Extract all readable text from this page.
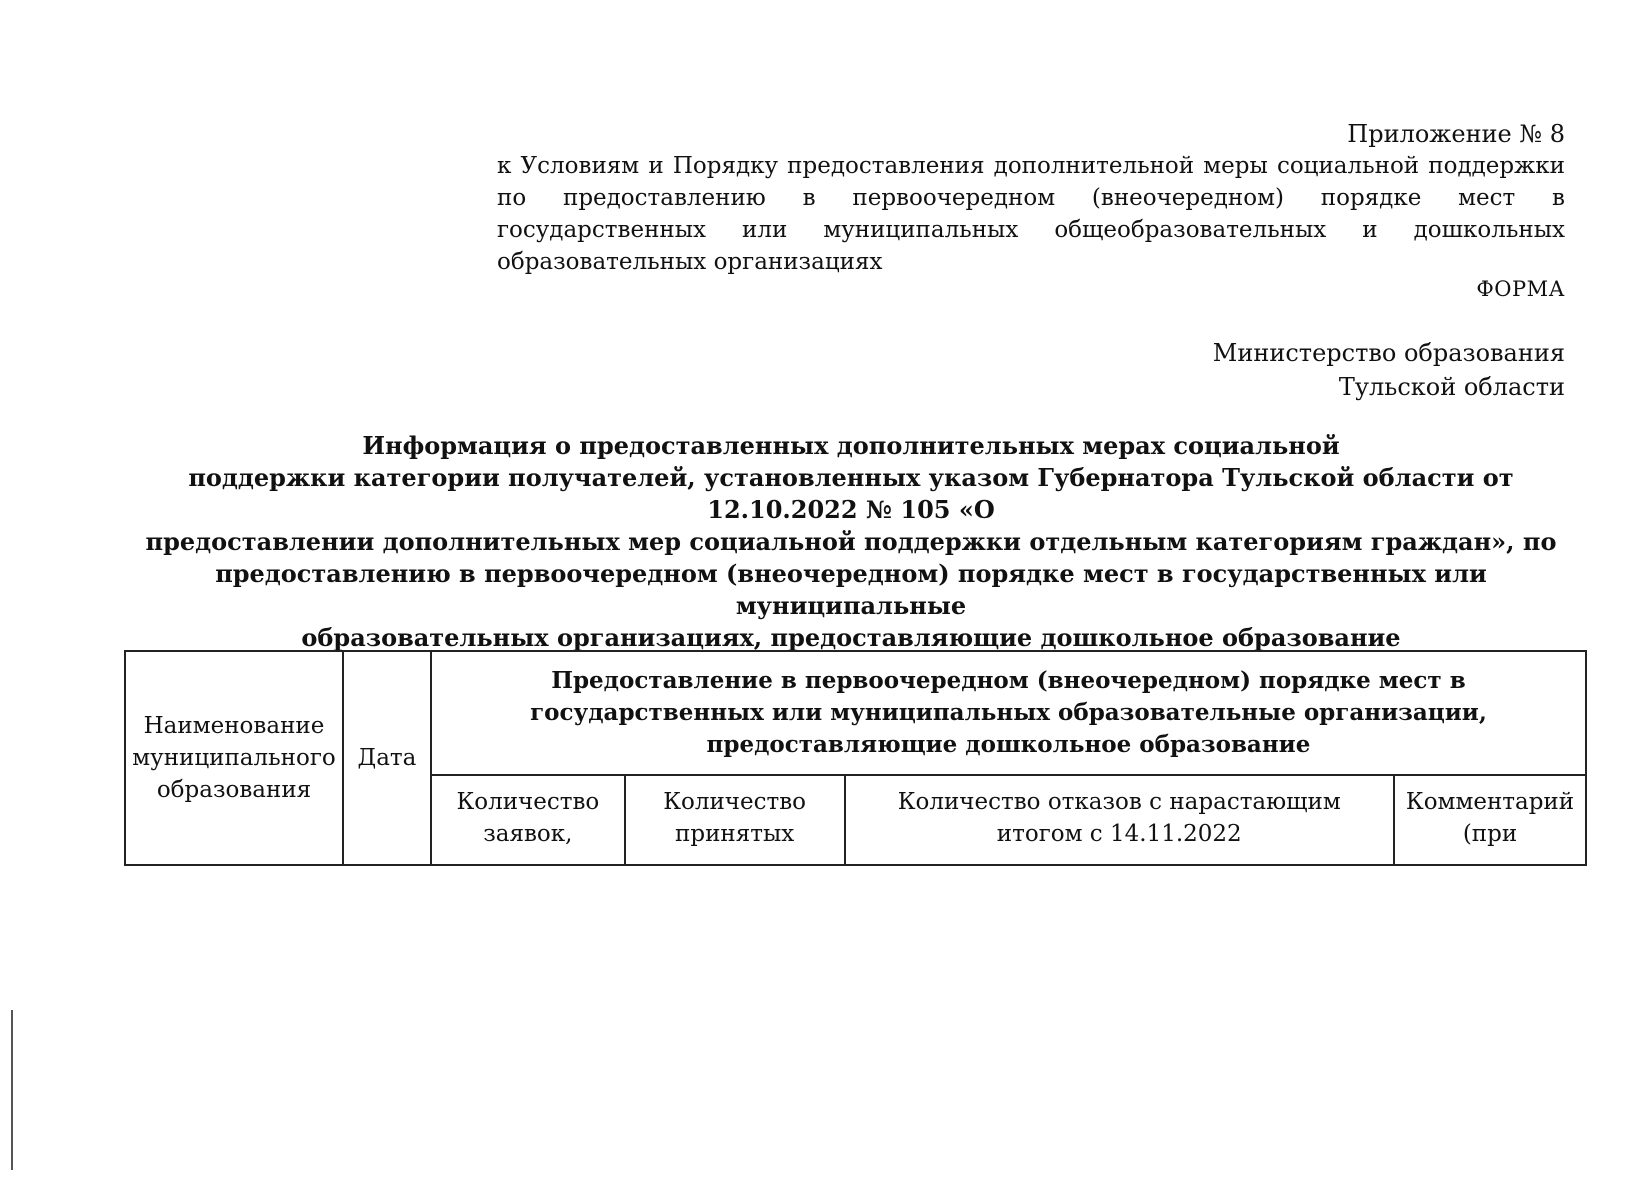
Приложение № 8
к Условиям и Порядку предоставления дополнительной меры социальной поддержки по предоставлению в первоочередном (внеочередном) порядке мест в государственных или муниципальных общеобразовательных и дошкольных образовательных организациях
ФОРМА
Министерство образования
Тульской области
Информация о предоставленных дополнительных мерах социальной
поддержки категории получателей, установленных указом Губернатора Тульской области от 12.10.2022 № 105 «О
предоставлении дополнительных мер социальной поддержки отдельным категориям граждан», по
предоставлению в первоочередном (внеочередном) порядке мест в государственных или муниципальные
образовательных организациях, предоставляющие дошкольное образование
Наименование муниципального образования	Дата	Предоставление в первоочередном (внеочередном) порядке мест в государственных или муниципальных образовательные организации, предоставляющие дошкольное образование			
		Количество заявок,	Количество принятых	Количество отказов с нарастающим итогом с 14.11.2022	Комментарий (при
